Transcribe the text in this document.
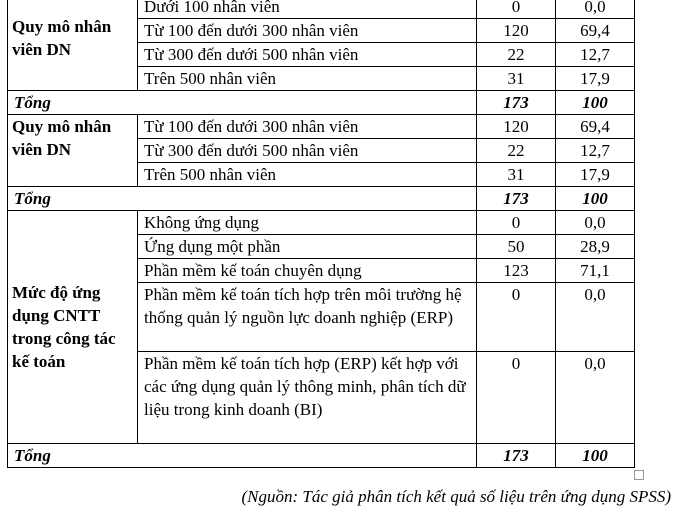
Quy mô nhân viên DN	Dưới 100 nhân viên	0	0,0
	Từ 100 đến dưới 300 nhân viên	120	69,4
	Từ 300 đến dưới 500 nhân viên	22	12,7
	Trên 500 nhân viên	31	17,9
Tổng		173	100
Quy mô nhân viên DN	Từ 100 đến dưới 300 nhân viên	120	69,4
	Từ 300 đến dưới 500 nhân viên	22	12,7
	Trên 500 nhân viên	31	17,9
Tổng		173	100
Mức độ ứng dụng CNTT trong công tác kế toán	Không ứng dụng	0	0,0
	Ứng dụng một phần	50	28,9
	Phần mềm kế toán chuyên dụng	123	71,1
	Phần mềm kế toán tích hợp trên môi trường hệ thống quản lý nguồn lực doanh nghiệp (ERP)	0	0,0
	Phần mềm kế toán tích hợp (ERP) kết hợp với các ứng dụng quản lý thông minh, phân tích dữ liệu trong kinh doanh (BI)	0	0,0
Tổng		173	100
(Nguồn: Tác giả phân tích kết quả số liệu trên ứng dụng SPSS)
